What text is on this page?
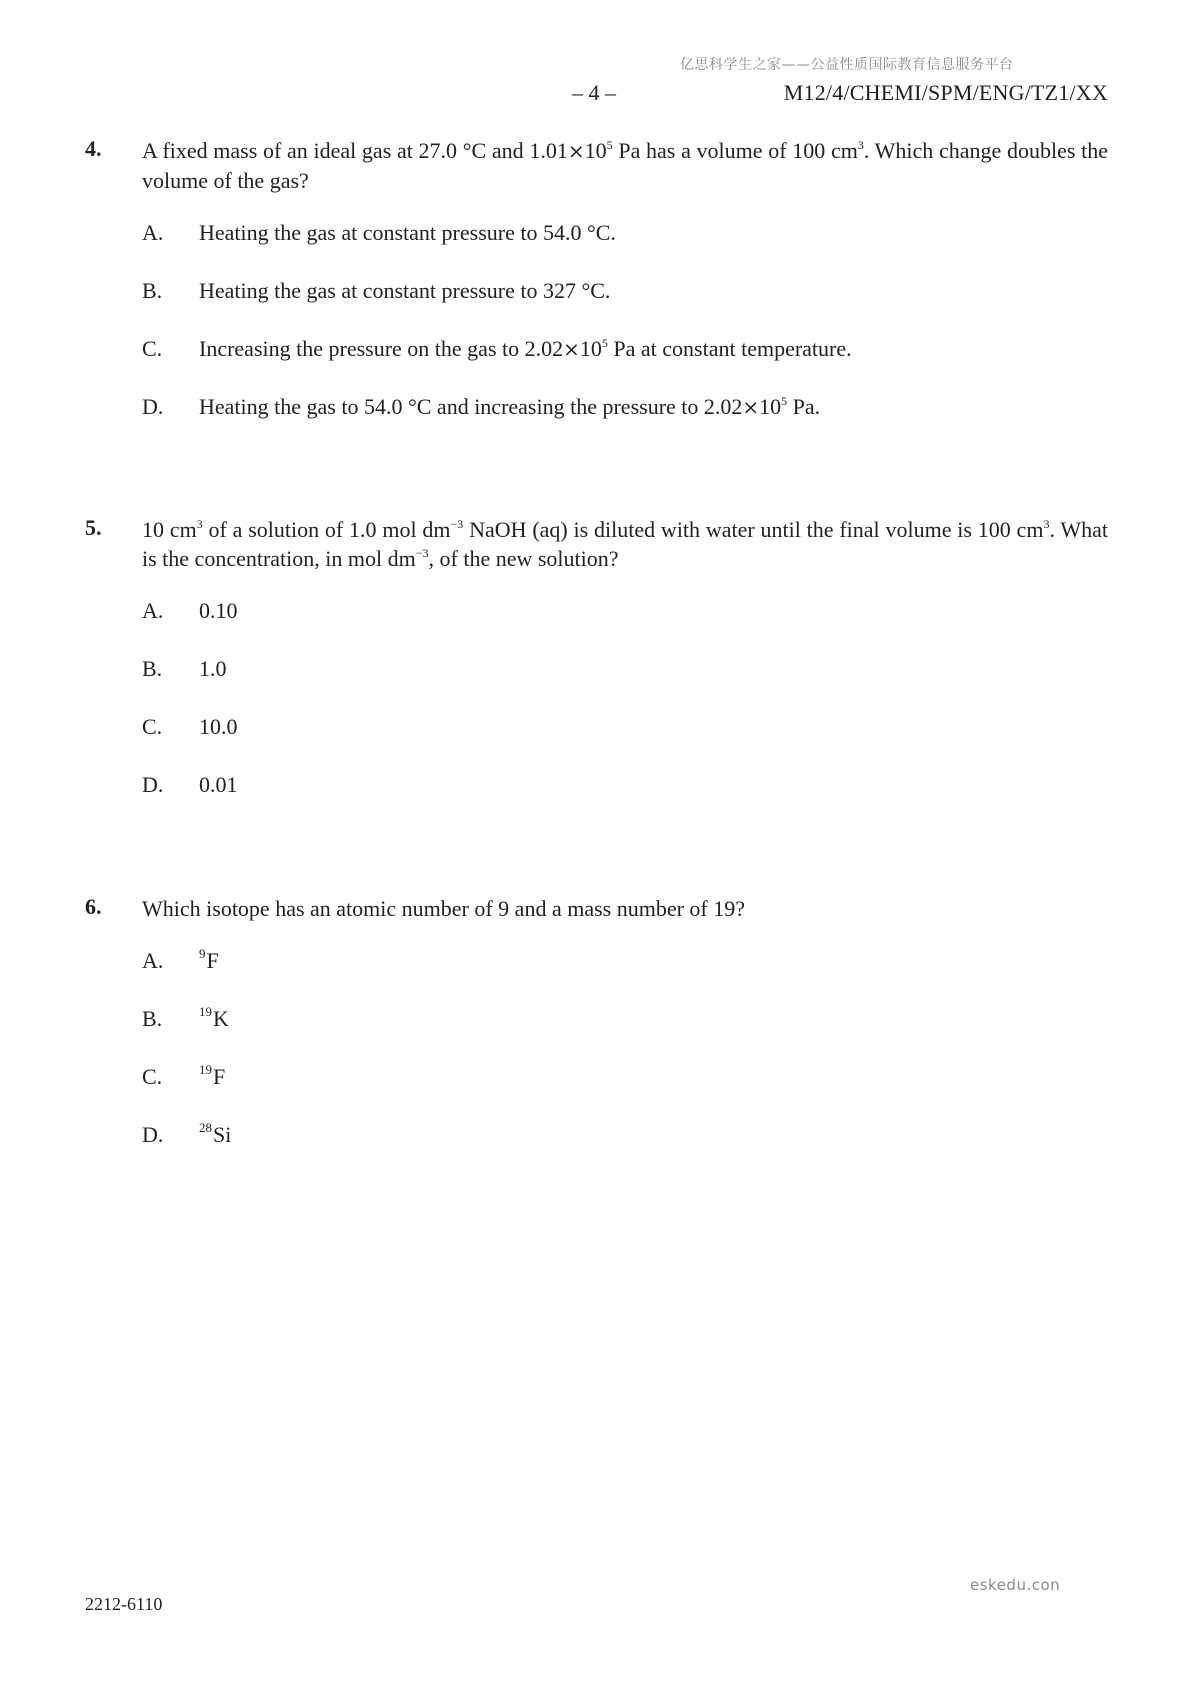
亿思科学生之家——公益性质国际教育信息服务平台
– 4 –	M12/4/CHEMI/SPM/ENG/TZ1/XX
4. A fixed mass of an ideal gas at 27.0 °C and $1.01\times 10^5$ Pa has a volume of 100 $cm^3$. Which change doubles the volume of the gas?
A. Heating the gas at constant pressure to 54.0 °C.
B. Heating the gas at constant pressure to 327 °C.
C. Increasing the pressure on the gas to $2.02\times 10^5$ Pa at constant temperature.
D. Heating the gas to 54.0 °C and increasing the pressure to $2.02\times 10^5$ Pa.
5. 10 $cm^3$ of a solution of 1.0 mol $dm^{-3}$ NaOH (aq) is diluted with water until the final volume is 100 $cm^3$. What is the concentration, in mol $dm^{-3}$, of the new solution?
A. 0.10
B. 1.0
C. 10.0
D. 0.01
6. Which isotope has an atomic number of 9 and a mass number of 19?
A.	$^9$F
B.	$^{19}$K
C.	$^{19}$F
D.	$^{28}$Si
eskedu.con
2212-6110
